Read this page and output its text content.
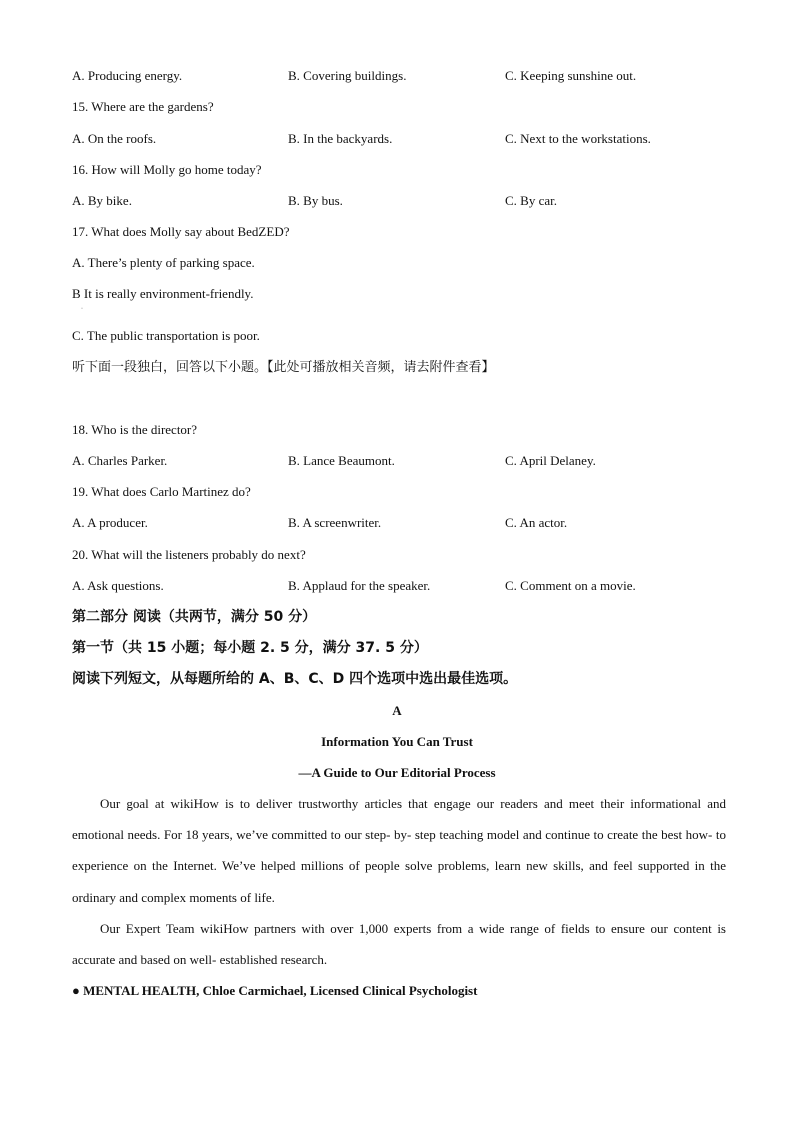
A. Producing energy.	B. Covering buildings.	C. Keeping sunshine out.
15. Where are the gardens?
A. On the roofs.	B. In the backyards.	C. Next to the workstations.
16. How will Molly go home today?
A. By bike.	B. By bus.	C. By car.
17. What does Molly say about BedZED?
A. There’s plenty of parking space.
B It is really environment-friendly.
·
C. The public transportation is poor.
听下面一段独白，回答以下小题。【此处可播放相关音频，请去附件查看】
18. Who is the director?
A. Charles Parker.	B. Lance Beaumont.	C. April Delaney.
19. What does Carlo Martinez do?
A. A producer.	B. A screenwriter.	C. An actor.
20. What will the listeners probably do next?
A. Ask questions.	B. Applaud for the speaker.	C. Comment on a movie.
第二部分 阅读（共两节，满分 50 分）
第一节（共 15 小题；每小题 2. 5 分，满分 37. 5 分）
阅读下列短文，从每题所给的 A、B、C、D 四个选项中选出最佳选项。
A
Information You Can Trust
—A Guide to Our Editorial Process
Our goal at wikiHow is to deliver trustworthy articles that engage our readers and meet their informational and emotional needs. For 18 years, we’ve committed to our step- by- step teaching model and continue to create the best how- to experience on the Internet. We’ve helped millions of people solve problems, learn new skills, and feel supported in the ordinary and complex moments of life.
Our Expert Team wikiHow partners with over 1,000 experts from a wide range of fields to ensure our content is accurate and based on well- established research.
● MENTAL HEALTH, Chloe Carmichael, Licensed Clinical Psychologist
